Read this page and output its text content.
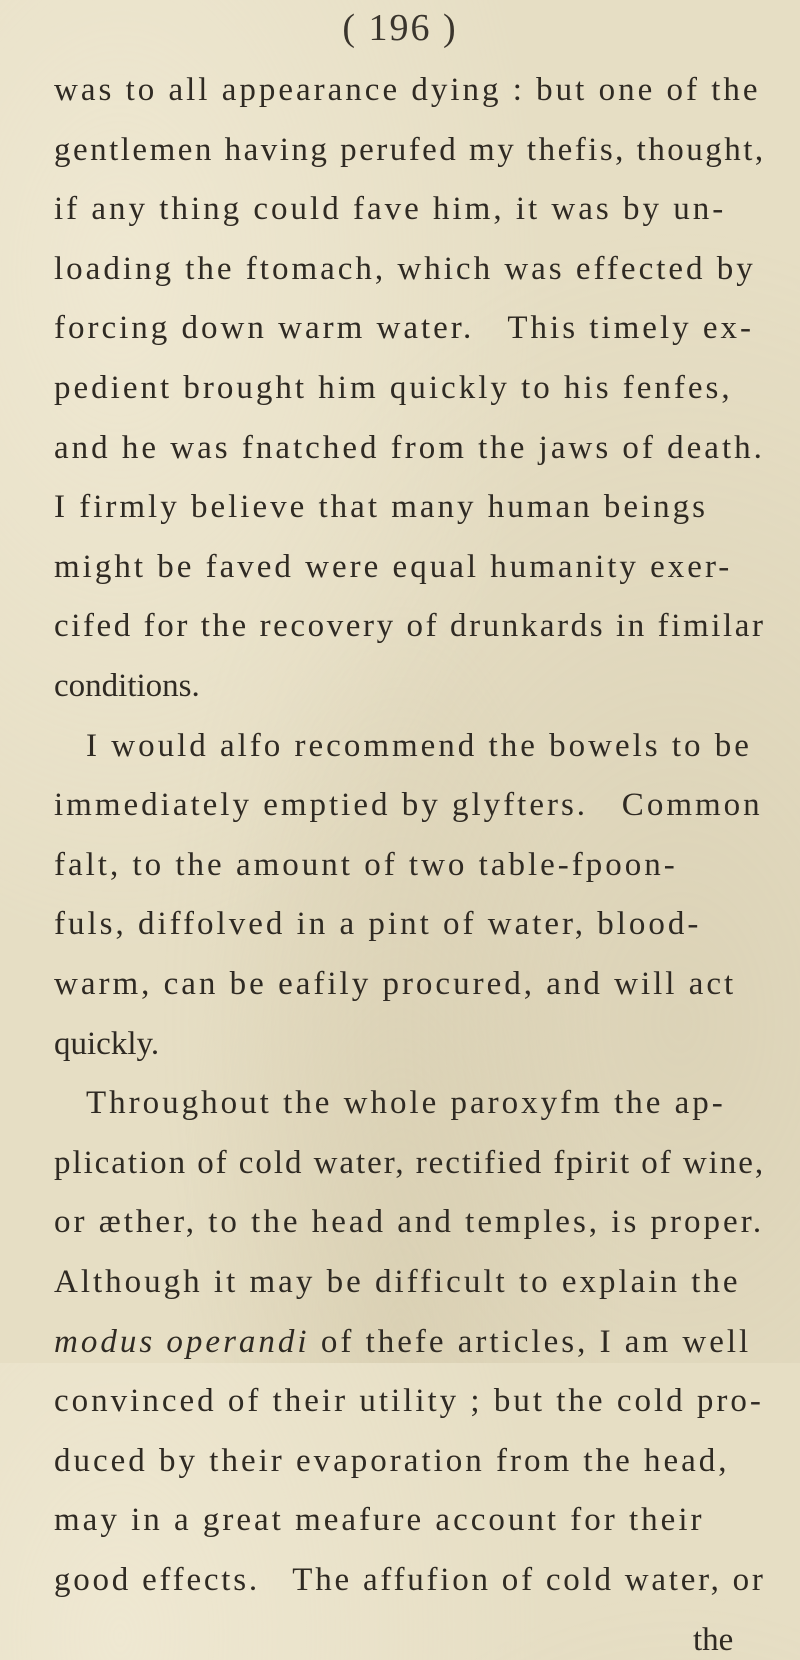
( 196 )
was to all appearance dying : but one of the
gentlemen having perufed my thefis, thought,
if any thing could fave him, it was by un-
loading the ftomach, which was effected by
forcing down warm water.   This timely ex-
pedient brought him quickly to his fenfes,
and he was fnatched from the jaws of death.
I firmly believe that many human beings
might be faved were equal humanity exer-
cifed for the recovery of drunkards in fimilar
conditions.
I would alfo recommend the bowels to be
immediately emptied by glyfters.   Common
falt, to the amount of two table-fpoon-
fuls, diffolved in a pint of water, blood-
warm, can be eafily procured, and will act
quickly.
Throughout the whole paroxyfm the ap-
plication of cold water, rectified fpirit of wine,
or æther, to the head and temples, is proper.
Although it may be difficult to explain the
modus operandi of thefe articles, I am well
convinced of their utility ; but the cold pro-
duced by their evaporation from the head,
may in a great meafure account for their
good effects.   The affufion of cold water, or
the
